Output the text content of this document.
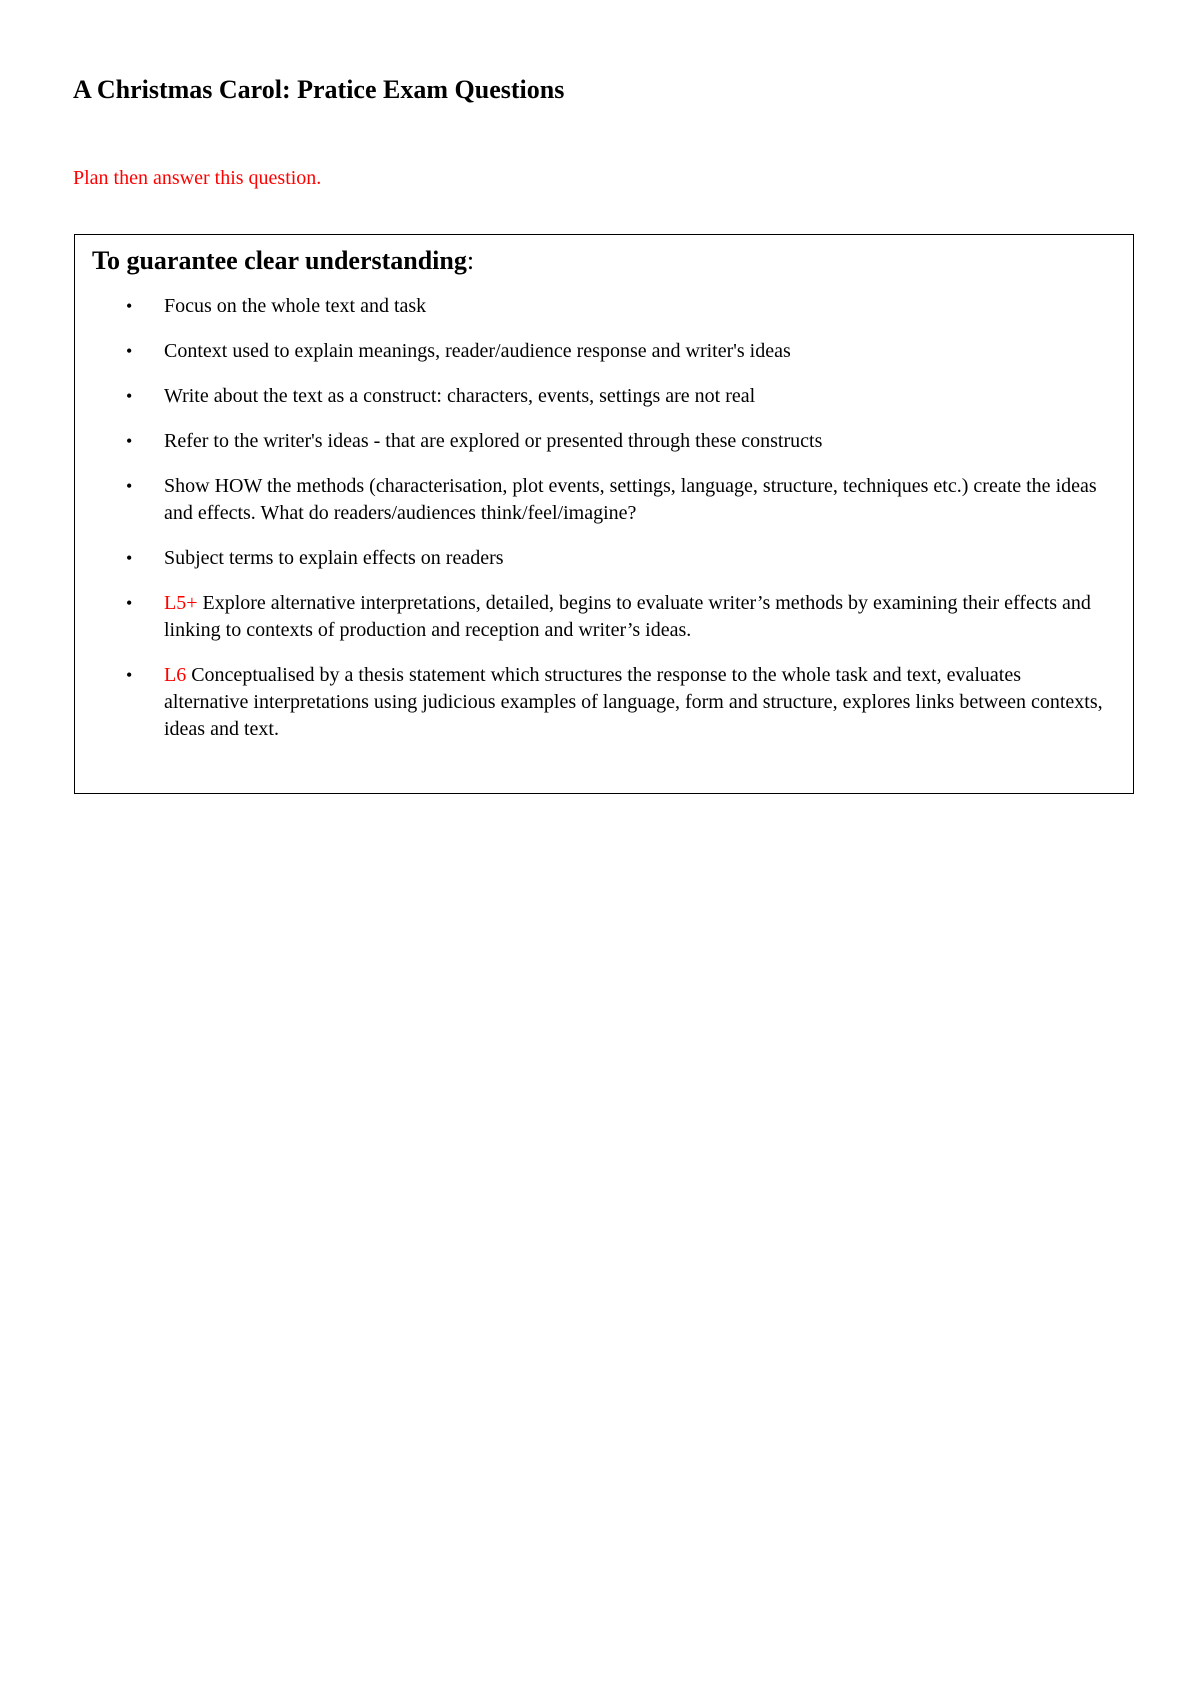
A Christmas Carol: Pratice Exam Questions

Plan then answer this question.

To guarantee clear understanding:
• Focus on the whole text and task
• Context used to explain meanings, reader/audience response and writer's ideas
• Write about the text as a construct: characters, events, settings are not real
• Refer to the writer's ideas - that are explored or presented through these constructs
• Show HOW the methods (characterisation, plot events, settings, language, structure, techniques etc.) create the ideas and effects. What do readers/audiences think/feel/imagine?
• Subject terms to explain effects on readers
• L5+ Explore alternative interpretations, detailed, begins to evaluate writer’s methods by examining their effects and linking to contexts of production and reception and writer’s ideas.
• L6 Conceptualised by a thesis statement which structures the response to the whole task and text, evaluates alternative interpretations using judicious examples of language, form and structure, explores links between contexts, ideas and text.
